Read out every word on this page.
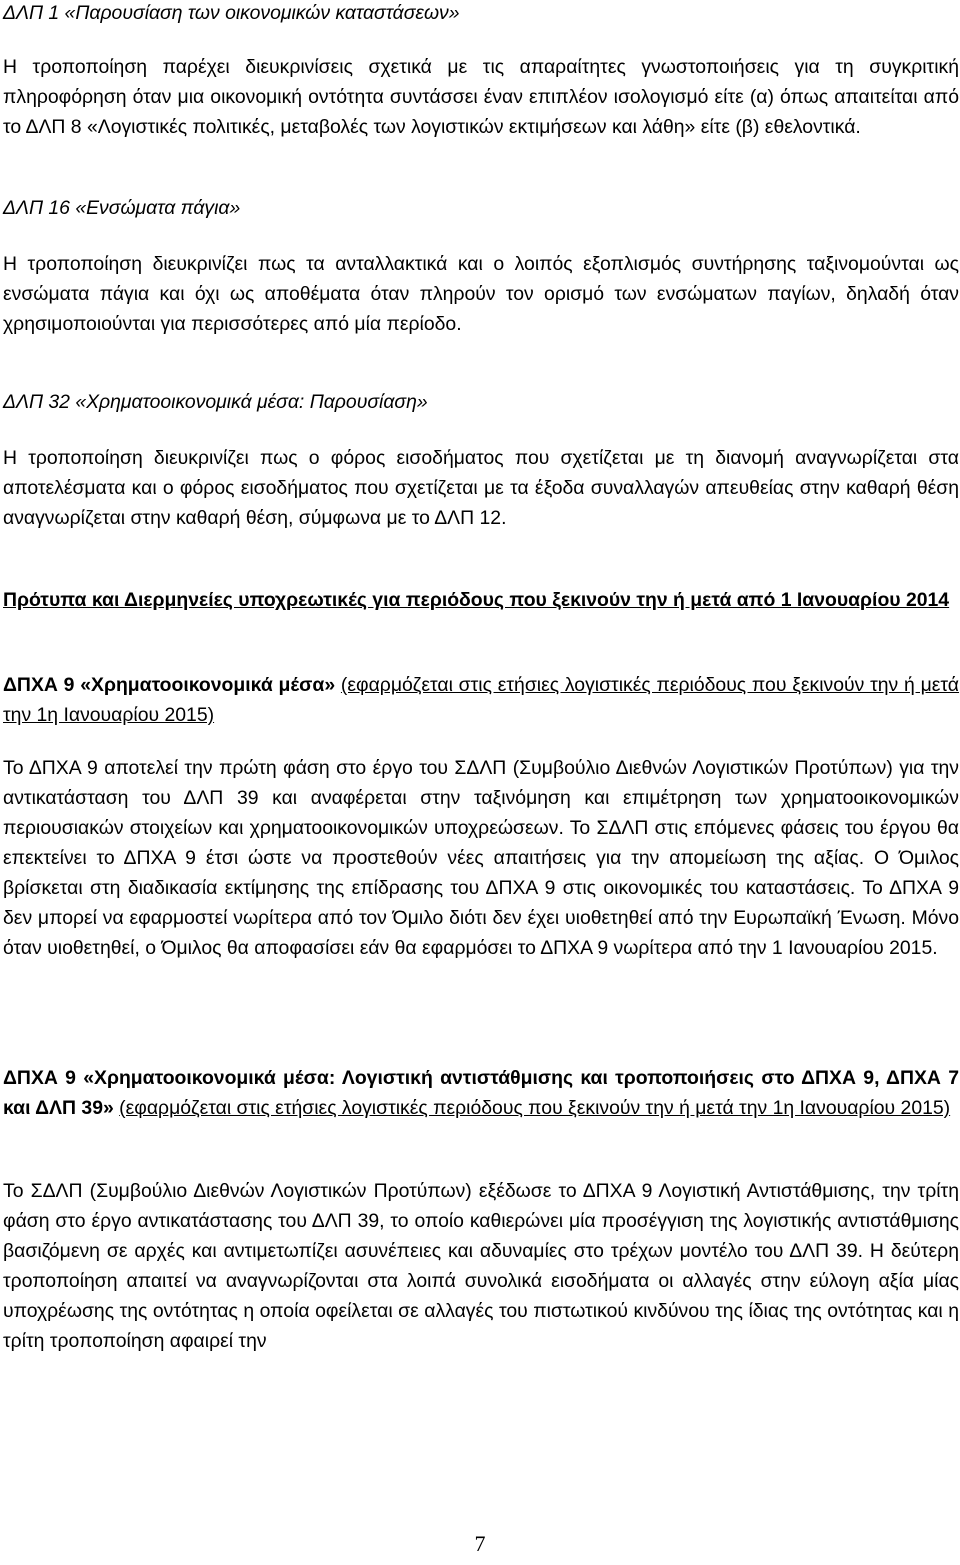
ΔΛΠ 1 «Παρουσίαση των οικονομικών καταστάσεων»

Η τροποποίηση παρέχει διευκρινίσεις σχετικά με τις απαραίτητες γνωστοποιήσεις για τη συγκριτική πληροφόρηση όταν μια οικονομική οντότητα συντάσσει έναν επιπλέον ισολογισμό είτε (α) όπως απαιτείται από το ΔΛΠ 8 «Λογιστικές πολιτικές, μεταβολές των λογιστικών εκτιμήσεων και λάθη» είτε (β) εθελοντικά.

ΔΛΠ 16 «Ενσώματα πάγια»

Η τροποποίηση διευκρινίζει πως τα ανταλλακτικά και ο λοιπός εξοπλισμός συντήρησης ταξινομούνται ως ενσώματα πάγια και όχι ως αποθέματα όταν πληρούν τον ορισμό των ενσώματων παγίων, δηλαδή όταν χρησιμοποιούνται για περισσότερες από μία περίοδο.

ΔΛΠ 32 «Χρηματοοικονομικά μέσα: Παρουσίαση»

Η τροποποίηση διευκρινίζει πως ο φόρος εισοδήματος που σχετίζεται με τη διανομή αναγνωρίζεται στα αποτελέσματα και ο φόρος εισοδήματος που σχετίζεται με τα έξοδα συναλλαγών απευθείας στην καθαρή θέση αναγνωρίζεται στην καθαρή θέση, σύμφωνα με το ΔΛΠ 12.

Πρότυπα και Διερμηνείες υποχρεωτικές για περιόδους που ξεκινούν την ή μετά από 1 Ιανουαρίου 2014

ΔΠΧΑ 9 «Χρηματοοικονομικά μέσα» (εφαρμόζεται στις ετήσιες λογιστικές περιόδους που ξεκινούν την ή μετά την 1η Ιανουαρίου 2015)

Το ΔΠΧΑ 9 αποτελεί την πρώτη φάση στο έργο του ΣΔΛΠ (Συμβούλιο Διεθνών Λογιστικών Προτύπων) για την αντικατάσταση του ΔΛΠ 39 και αναφέρεται στην ταξινόμηση και επιμέτρηση των χρηματοοικονομικών περιουσιακών στοιχείων και χρηματοοικονομικών υποχρεώσεων. Το ΣΔΛΠ στις επόμενες φάσεις του έργου θα επεκτείνει το ΔΠΧΑ 9 έτσι ώστε να προστεθούν νέες απαιτήσεις για την απομείωση της αξίας. Ο Όμιλος βρίσκεται στη διαδικασία εκτίμησης της επίδρασης του ΔΠΧΑ 9 στις οικονομικές του καταστάσεις. Το ΔΠΧΑ 9 δεν μπορεί να εφαρμοστεί νωρίτερα από τον Όμιλο διότι δεν έχει υιοθετηθεί από την Ευρωπαϊκή Ένωση. Μόνο όταν υιοθετηθεί, ο Όμιλος θα αποφασίσει εάν θα εφαρμόσει το ΔΠΧΑ 9 νωρίτερα από την 1 Ιανουαρίου 2015.

ΔΠΧΑ 9 «Χρηματοοικονομικά μέσα: Λογιστική αντιστάθμισης και τροποποιήσεις στο ΔΠΧΑ 9, ΔΠΧΑ 7 και ΔΛΠ 39» (εφαρμόζεται στις ετήσιες λογιστικές περιόδους που ξεκινούν την ή μετά την 1η Ιανουαρίου 2015)

Το ΣΔΛΠ (Συμβούλιο Διεθνών Λογιστικών Προτύπων) εξέδωσε το ΔΠΧΑ 9 Λογιστική Αντιστάθμισης, την τρίτη φάση στο έργο αντικατάστασης του ΔΛΠ 39, το οποίο καθιερώνει μία προσέγγιση της λογιστικής αντιστάθμισης βασιζόμενη σε αρχές και αντιμετωπίζει ασυνέπειες και αδυναμίες στο τρέχων μοντέλο του ΔΛΠ 39. Η δεύτερη τροποποίηση απαιτεί να αναγνωρίζονται στα λοιπά συνολικά εισοδήματα οι αλλαγές στην εύλογη αξία μίας υποχρέωσης της οντότητας η οποία οφείλεται σε αλλαγές του πιστωτικού κινδύνου της ίδιας της οντότητας και η τρίτη τροποποίηση αφαιρεί την

7
